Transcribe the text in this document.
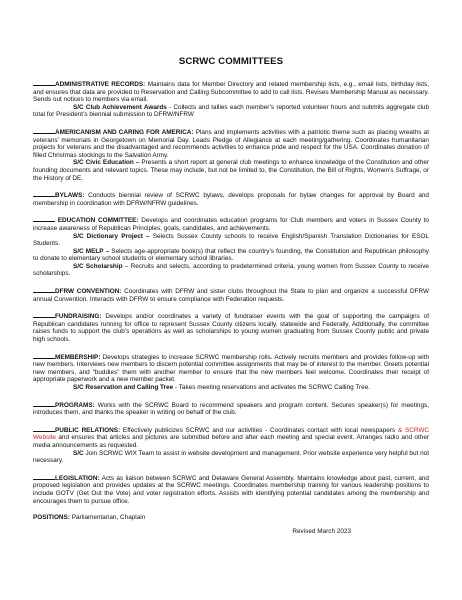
SCRWC COMMITTEES

ADMINISTRATIVE RECORDS: Maintains data for Member Directory and related membership lists, e.g., email lists, birthday lists, and ensures that data are provided to Reservation and Calling Subcommittee to add to call lists. Revises Membership Manual as necessary. Sends out notices to members via email.

S/C Club Achievement Awards - Collects and tallies each member’s reported volunteer hours and submits aggregate club total for President’s biennial submission to DFRW/NFRW

AMERICANISM AND CARING FOR AMERICA: Plans and implements activities with a patriotic theme such as placing wreaths at veterans’ memorials in Georgetown on Memorial Day. Leads Pledge of Allegiance at each meeting/gathering. Coordinates humanitarian projects for veterans and the disadvantaged and recommends activities to enhance pride and respect for the USA. Coordinates donation of filled Christmas stockings to the Salvation Army.

S/C Civic Education – Presents a short report at general club meetings to enhance knowledge of the Constitution and other founding documents and relevant topics. These may include, but not be limited to, the Constitution, the Bill of Rights, Women’s Suffrage, or the History of DE.

BYLAWS: Conducts biennial review of SCRWC bylaws, develops proposals for bylaw changes for approval by Board and membership in coordination with DFRW/NFRW guidelines.

EDUCATION COMMITTEE: Develops and coordinates education programs for Club members and voters in Sussex County to increase awareness of Republican Principles, goals, candidates, and achievements.

S/C Dictionary Project – Selects Sussex County schools to receive English/Spanish Translation Dictionaries for ESOL Students.

S/C MELP – Selects age-appropriate book(s) that reflect the country’s founding, the Constitution and Republican philosophy to donate to elementary school students or elementary school libraries.

S/C Scholarship – Recruits and selects, according to predetermined criteria, young women from Sussex County to receive scholarships.

DFRW CONVENTION: Coordinates with DFRW and sister clubs throughout the State to plan and organize a successful DFRW annual Convention. Interacts with DFRW to ensure compliance with Federation requests.

FUNDRAISING: Develops and/or coordinates a variety of fundraiser events with the goal of supporting the campaigns of Republican candidates running for office to represent Sussex County citizens locally, statewide and Federally, Additionally, the committee raises funds to support the club’s operations as well as scholarships to young women graduating from Sussex County public and private high schools.

MEMBERSHIP: Develops strategies to increase SCRWC membership rolls. Actively recruits members and provides follow-up with new members. Interviews new members to discern potential committee assignments that may be of interest to the member. Greets potential new members, and “buddies” them with another member to ensure that the new members feel welcome. Coordinates their receipt of appropriate paperwork and a new member packet.

S/C Reservation and Calling Tree - Takes meeting reservations and activates the SCRWC Calling Tree.

PROGRAMS: Works with the SCRWC Board to recommend speakers and program content. Secures speaker(s) for meetings, introduces them, and thanks the speaker in writing on behalf of the club.

PUBLIC RELATIONS: Effectively publicizes SCRWC and our activities - Coordinates contact with local newspapers & SCRWC Website and ensures that articles and pictures are submitted before and after each meeting and special event. Arranges radio and other media announcements as requested.

S/C Join SCRWC WIX Team to assist in website development and management. Prior website experience very helpful but not necessary.

LEGISLATION: Acts as liaison between SCRWC and Delaware General Assembly. Maintains knowledge about past, current, and proposed legislation and provides updates at the SCRWC meetings. Coordinates membership training for various leadership positions to include GOTV (Get Out the Vote) and voter registration efforts. Assists with identifying potential candidates among the membership and encourages them to pursue office.

POSITIONS: Parliamentarian, Chaplain
Revised March 2023
